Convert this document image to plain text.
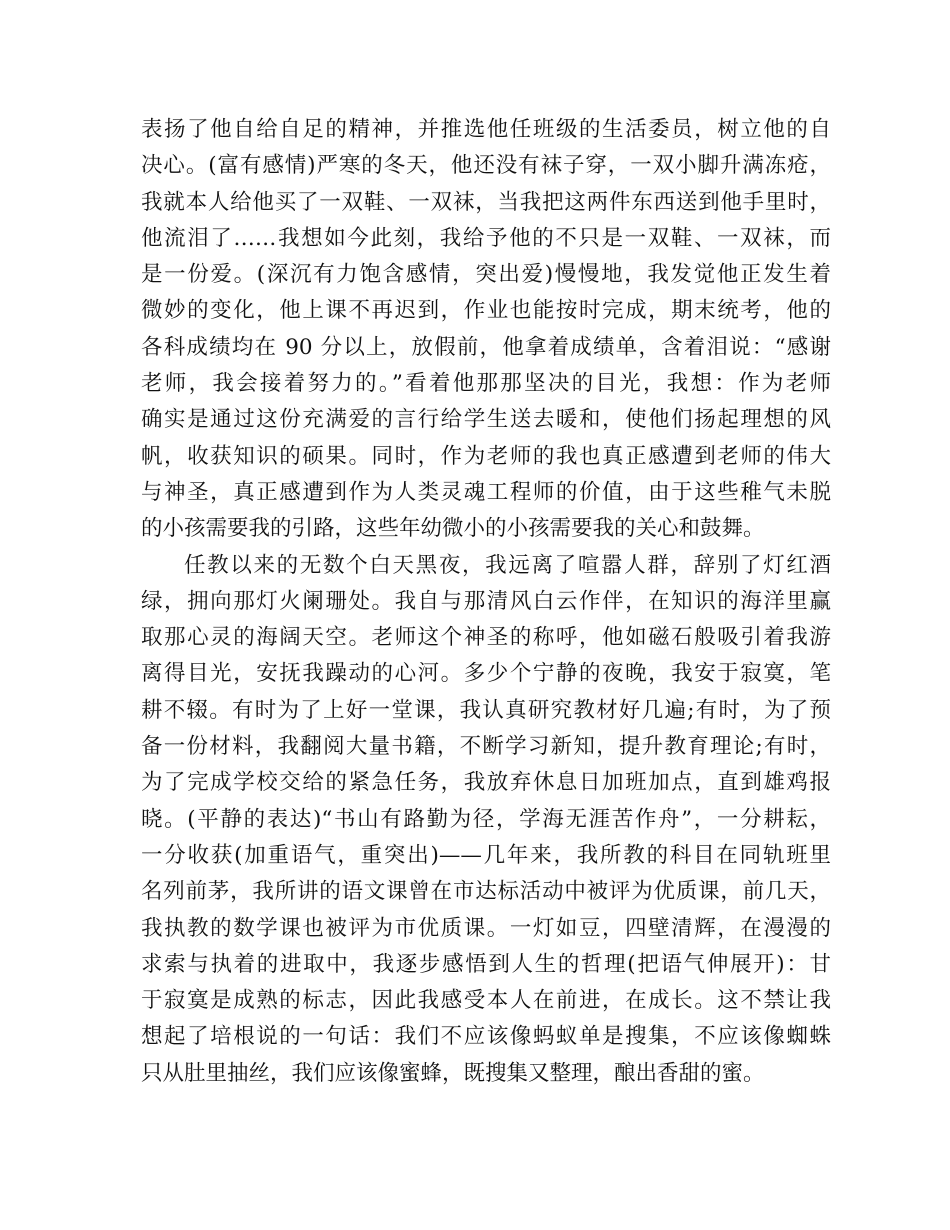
表扬了他自给自足的精神，并推选他任班级的生活委员，树立他的自
决心。(富有感情)严寒的冬天，他还没有袜子穿，一双小脚升满冻疮，
我就本人给他买了一双鞋、一双袜，当我把这两件东西送到他手里时，
他流泪了……我想如今此刻，我给予他的不只是一双鞋、一双袜，而
是一份爱。(深沉有力饱含感情，突出爱)慢慢地，我发觉他正发生着
微妙的变化，他上课不再迟到，作业也能按时完成，期末统考，他的
各科成绩均在 90 分以上，放假前，他拿着成绩单，含着泪说：“感谢
老师，我会接着努力的。”看着他那那坚决的目光，我想：作为老师
确实是通过这份充满爱的言行给学生送去暖和，使他们扬起理想的风
帆，收获知识的硕果。同时，作为老师的我也真正感遭到老师的伟大
与神圣，真正感遭到作为人类灵魂工程师的价值，由于这些稚气未脱
的小孩需要我的引路，这些年幼微小的小孩需要我的关心和鼓舞。
任教以来的无数个白天黑夜，我远离了喧嚣人群，辞别了灯红酒
绿，拥向那灯火阑珊处。我自与那清风白云作伴，在知识的海洋里赢
取那心灵的海阔天空。老师这个神圣的称呼，他如磁石般吸引着我游
离得目光，安抚我躁动的心河。多少个宁静的夜晚，我安于寂寞，笔
耕不辍。有时为了上好一堂课，我认真研究教材好几遍;有时，为了预
备一份材料，我翻阅大量书籍，不断学习新知，提升教育理论;有时，
为了完成学校交给的紧急任务，我放弃休息日加班加点，直到雄鸡报
晓。(平静的表达)“书山有路勤为径，学海无涯苦作舟”，一分耕耘，
一分收获(加重语气，重突出)——几年来，我所教的科目在同轨班里
名列前茅，我所讲的语文课曾在市达标活动中被评为优质课，前几天，
我执教的数学课也被评为市优质课。一灯如豆，四壁清辉，在漫漫的
求索与执着的进取中，我逐步感悟到人生的哲理(把语气伸展开)：甘
于寂寞是成熟的标志，因此我感受本人在前进，在成长。这不禁让我
想起了培根说的一句话：我们不应该像蚂蚁单是搜集，不应该像蜘蛛
只从肚里抽丝，我们应该像蜜蜂，既搜集又整理，酿出香甜的蜜。
